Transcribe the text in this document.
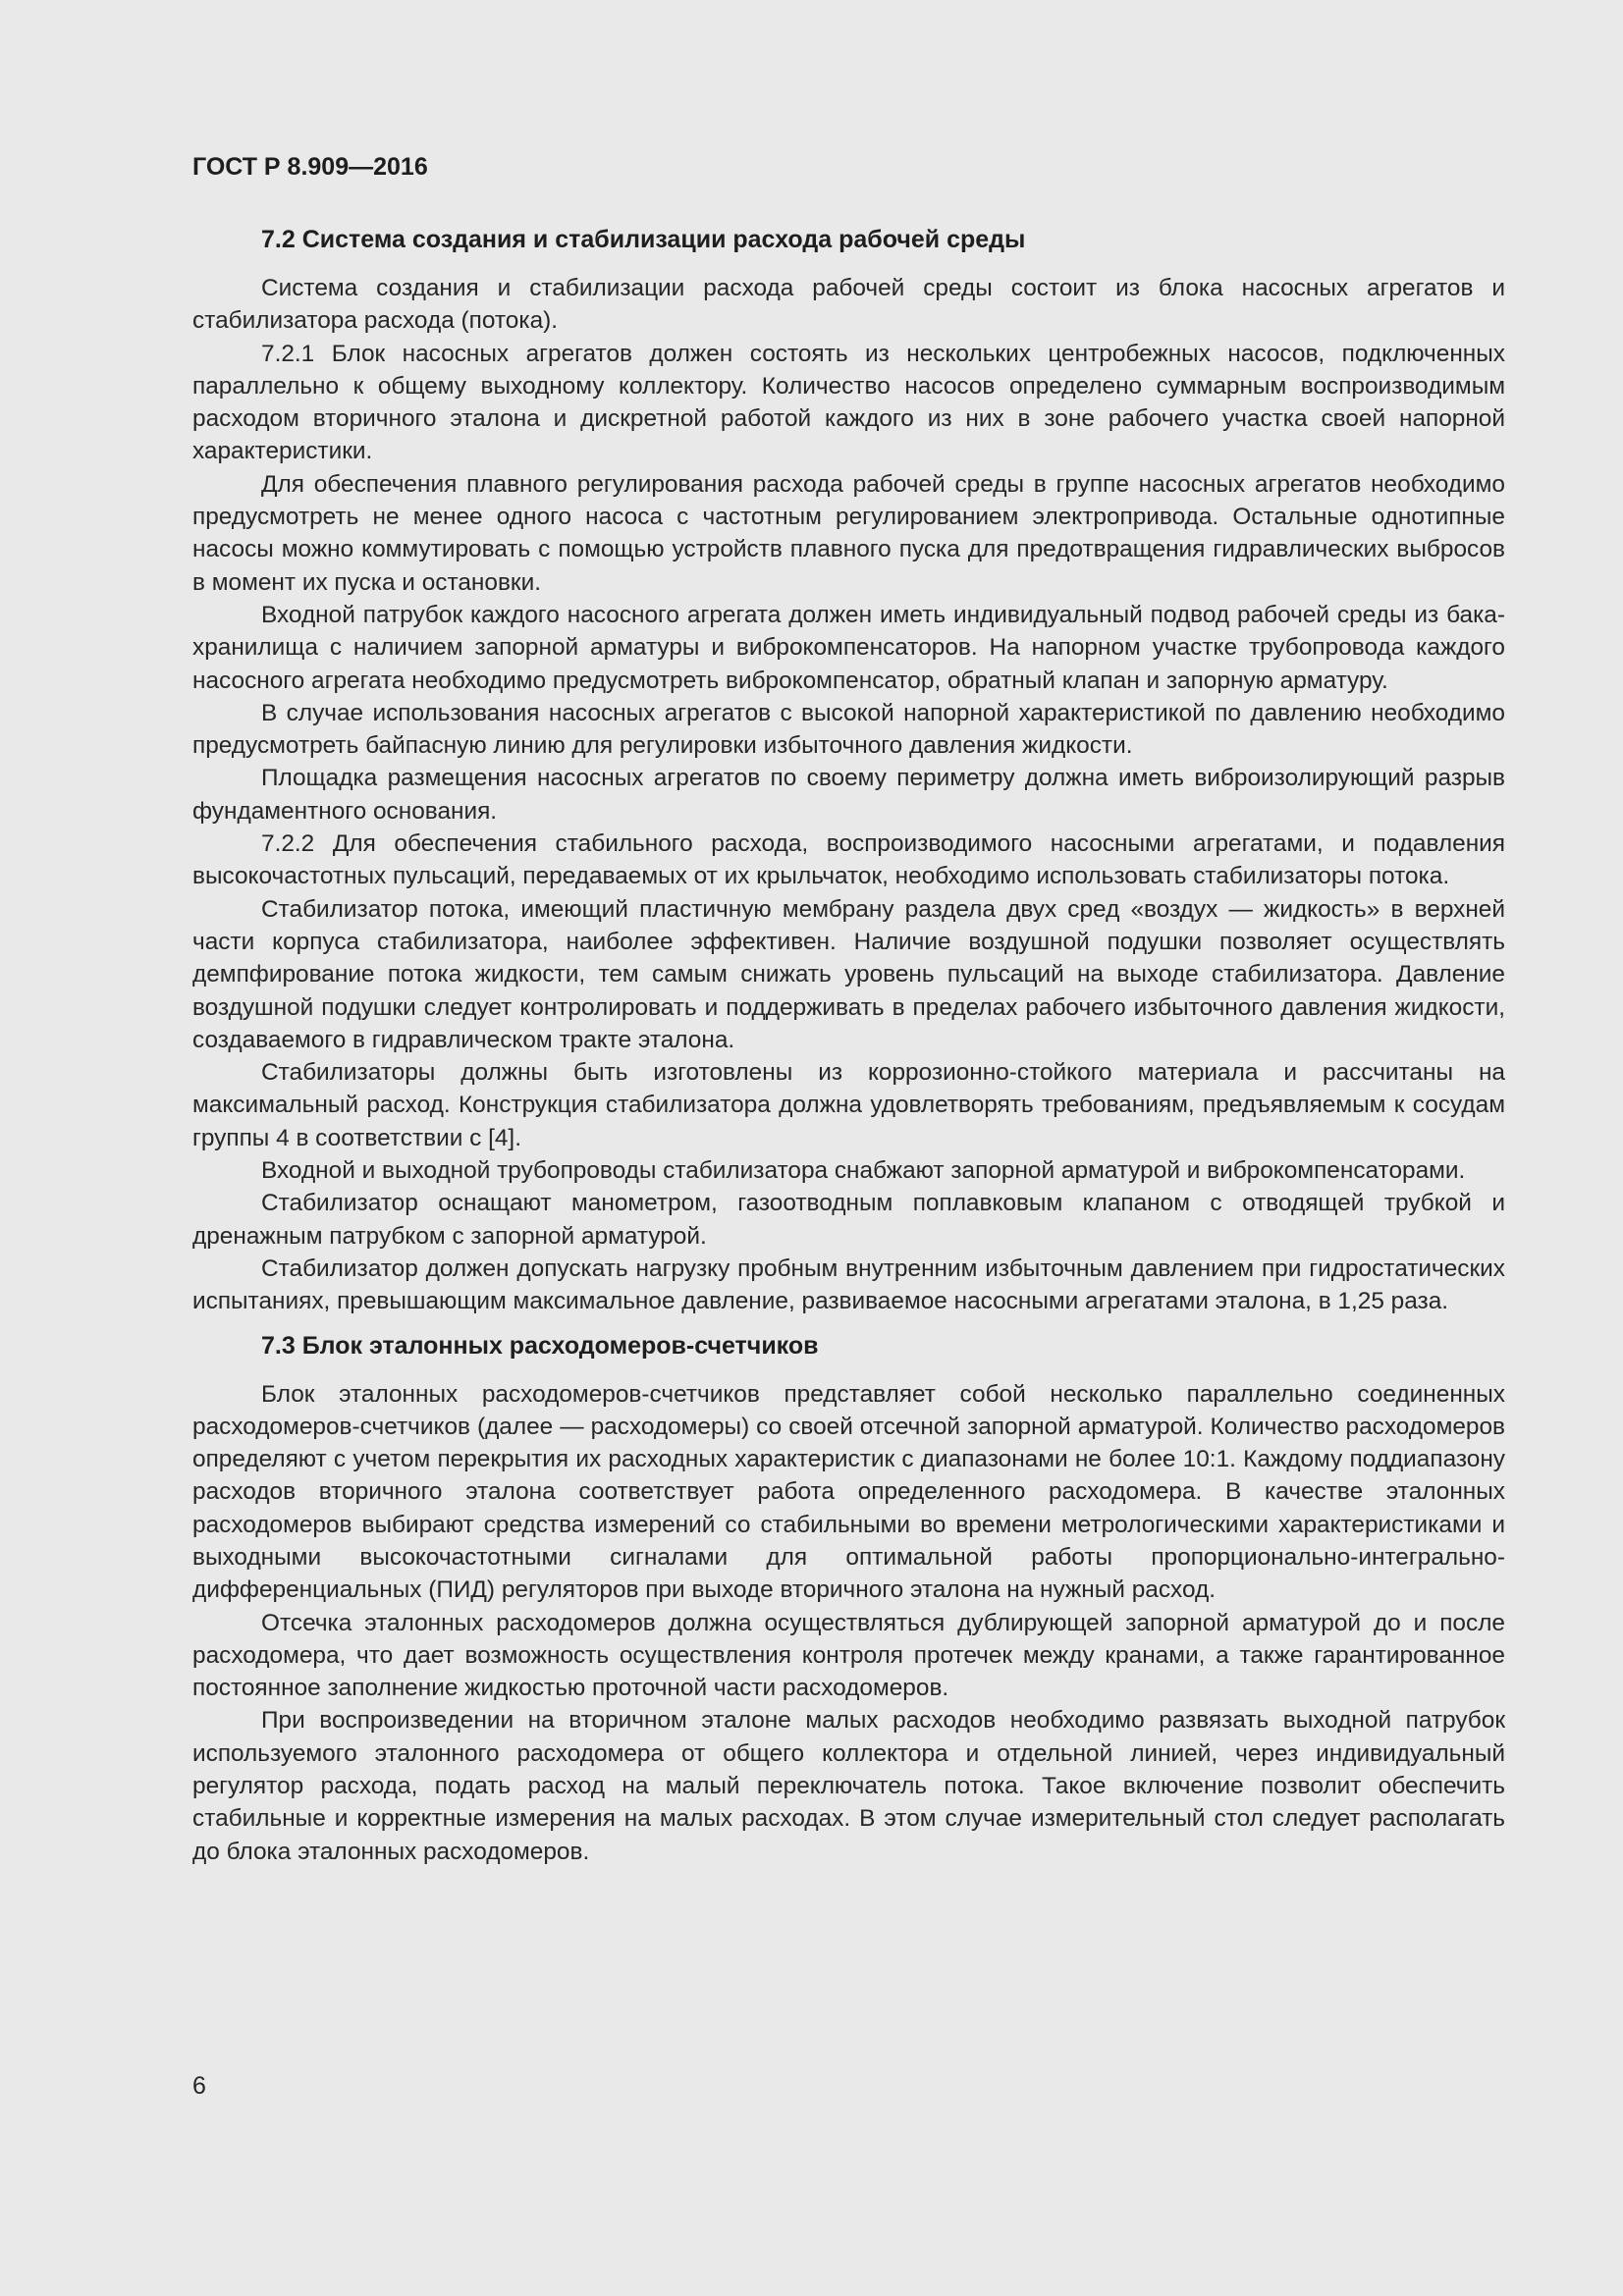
ГОСТ Р 8.909—2016
7.2 Система создания и стабилизации расхода рабочей среды

Система создания и стабилизации расхода рабочей среды состоит из блока насосных агрегатов и стабилизатора расхода (потока).

7.2.1 Блок насосных агрегатов должен состоять из нескольких центробежных насосов, подключенных параллельно к общему выходному коллектору. Количество насосов определено суммарным воспроизводимым расходом вторичного эталона и дискретной работой каждого из них в зоне рабочего участка своей напорной характеристики.

Для обеспечения плавного регулирования расхода рабочей среды в группе насосных агрегатов необходимо предусмотреть не менее одного насоса с частотным регулированием электропривода. Остальные однотипные насосы можно коммутировать с помощью устройств плавного пуска для предотвращения гидравлических выбросов в момент их пуска и остановки.

Входной патрубок каждого насосного агрегата должен иметь индивидуальный подвод рабочей среды из бака-хранилища с наличием запорной арматуры и виброкомпенсаторов. На напорном участке трубопровода каждого насосного агрегата необходимо предусмотреть виброкомпенсатор, обратный клапан и запорную арматуру.

В случае использования насосных агрегатов с высокой напорной характеристикой по давлению необходимо предусмотреть байпасную линию для регулировки избыточного давления жидкости.

Площадка размещения насосных агрегатов по своему периметру должна иметь виброизолирующий разрыв фундаментного основания.

7.2.2 Для обеспечения стабильного расхода, воспроизводимого насосными агрегатами, и подавления высокочастотных пульсаций, передаваемых от их крыльчаток, необходимо использовать стабилизаторы потока.

Стабилизатор потока, имеющий пластичную мембрану раздела двух сред «воздух — жидкость» в верхней части корпуса стабилизатора, наиболее эффективен. Наличие воздушной подушки позволяет осуществлять демпфирование потока жидкости, тем самым снижать уровень пульсаций на выходе стабилизатора. Давление воздушной подушки следует контролировать и поддерживать в пределах рабочего избыточного давления жидкости, создаваемого в гидравлическом тракте эталона.

Стабилизаторы должны быть изготовлены из коррозионно-стойкого материала и рассчитаны на максимальный расход. Конструкция стабилизатора должна удовлетворять требованиям, предъявляемым к сосудам группы 4 в соответствии с [4].

Входной и выходной трубопроводы стабилизатора снабжают запорной арматурой и виброкомпенсаторами.

Стабилизатор оснащают манометром, газоотводным поплавковым клапаном с отводящей трубкой и дренажным патрубком с запорной арматурой.

Стабилизатор должен допускать нагрузку пробным внутренним избыточным давлением при гидростатических испытаниях, превышающим максимальное давление, развиваемое насосными агрегатами эталона, в 1,25 раза.

7.3 Блок эталонных расходомеров-счетчиков

Блок эталонных расходомеров-счетчиков представляет собой несколько параллельно соединенных расходомеров-счетчиков (далее — расходомеры) со своей отсечной запорной арматурой. Количество расходомеров определяют с учетом перекрытия их расходных характеристик с диапазонами не более 10:1. Каждому поддиапазону расходов вторичного эталона соответствует работа определенного расходомера. В качестве эталонных расходомеров выбирают средства измерений со стабильными во времени метрологическими характеристиками и выходными высокочастотными сигналами для оптимальной работы пропорционально-интегрально-дифференциальных (ПИД) регуляторов при выходе вторичного эталона на нужный расход.

Отсечка эталонных расходомеров должна осуществляться дублирующей запорной арматурой до и после расходомера, что дает возможность осуществления контроля протечек между кранами, а также гарантированное постоянное заполнение жидкостью проточной части расходомеров.

При воспроизведении на вторичном эталоне малых расходов необходимо развязать выходной патрубок используемого эталонного расходомера от общего коллектора и отдельной линией, через индивидуальный регулятор расхода, подать расход на малый переключатель потока. Такое включение позволит обеспечить стабильные и корректные измерения на малых расходах. В этом случае измерительный стол следует располагать до блока эталонных расходомеров.

6
